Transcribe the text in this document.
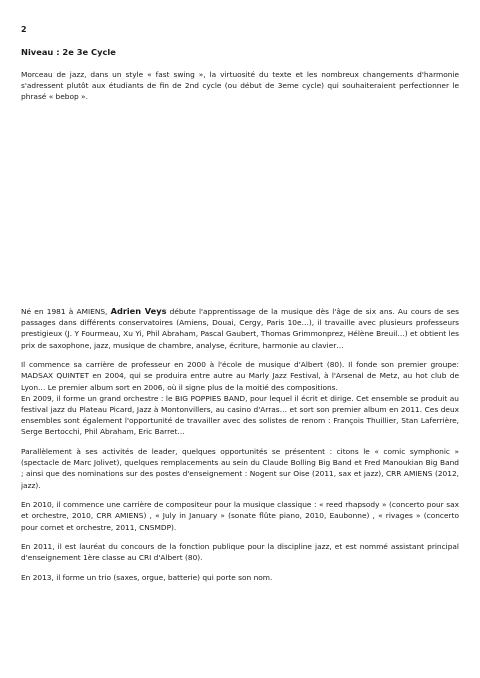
2
Niveau : 2e 3e Cycle

Morceau de jazz, dans un style « fast swing », la virtuosité du texte et les nombreux changements d'harmonie s'adressent plutôt aux étudiants de fin de 2nd cycle (ou début de 3eme cycle) qui souhaiteraient perfectionner le phrasé « bebop ».

Né en 1981 à AMIENS, Adrien Veys débute l'apprentissage de la musique dès l'âge de six ans. Au cours de ses passages dans différents conservatoires (Amiens, Douai, Cergy, Paris 10e…), il travaille avec plusieurs professeurs prestigieux (J. Y Fourmeau, Xu Yi, Phil Abraham, Pascal Gaubert, Thomas Grimmonprez, Hélène Breuil…) et obtient les prix de saxophone, jazz, musique de chambre, analyse, écriture, harmonie au clavier…

Il commence sa carrière de professeur en 2000 à l'école de musique d'Albert (80). Il fonde son premier groupe: MADSAX QUINTET en 2004, qui se produira entre autre au Marly Jazz Festival, à l'Arsenal de Metz, au hot club de Lyon… Le premier album sort en 2006, où il signe plus de la moitié des compositions.

En 2009, il forme un grand orchestre : le BIG POPPIES BAND, pour lequel il écrit et dirige. Cet ensemble se produit au festival jazz du Plateau Picard, Jazz à Montonvillers, au casino d'Arras… et sort son premier album en 2011. Ces deux ensembles sont également l'opportunité de travailler avec des solistes de renom : François Thuillier, Stan Laferrière, Serge Bertocchi, Phil Abraham, Eric Barret…

Parallèlement à ses activités de leader, quelques opportunités se présentent : citons le « comic symphonic » (spectacle de Marc Jolivet), quelques remplacements au sein du Claude Bolling Big Band et Fred Manoukian Big Band ; ainsi que des nominations sur des postes d'enseignement : Nogent sur Oise (2011, sax et jazz), CRR AMIENS (2012, jazz).

En 2010, il commence une carrière de compositeur pour la musique classique : « reed rhapsody » (concerto pour sax et orchestre, 2010, CRR AMIENS) , « July in January » (sonate flûte piano, 2010, Eaubonne) , « rivages » (concerto pour cornet et orchestre, 2011, CNSMDP).

En 2011, il est lauréat du concours de la fonction publique pour la discipline jazz, et est nommé assistant principal d'enseignement 1ère classe au CRI d'Albert (80).

En 2013, il forme un trio (saxes, orgue, batterie) qui porte son nom.
